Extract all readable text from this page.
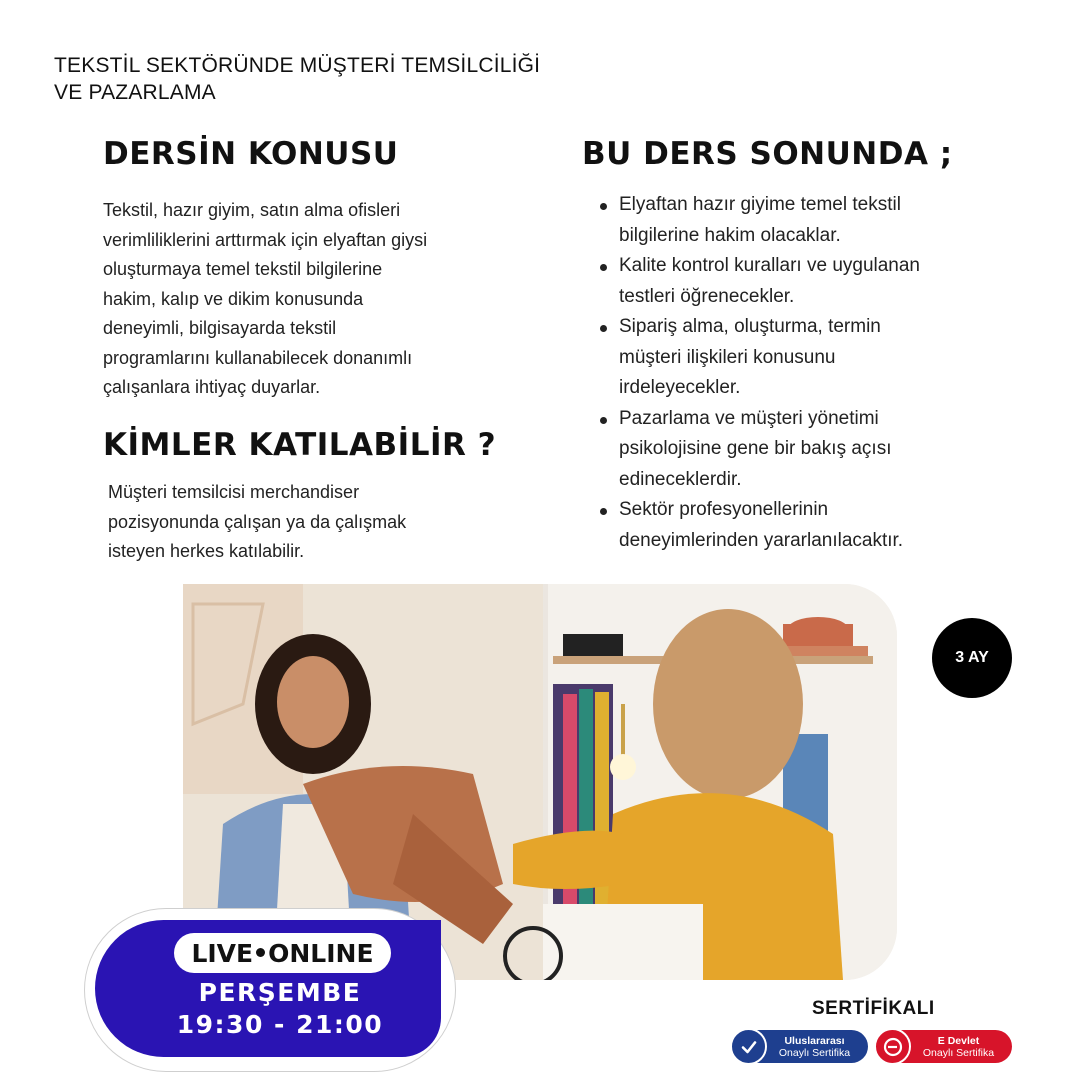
TEKSTİL SEKTÖRÜNDE MÜŞTERİ TEMSİLCİLİĞİ
VE PAZARLAMA
DERSİN KONUSU
Tekstil, hazır giyim, satın alma ofisleri
verimliliklerini arttırmak için elyaftan giysi
oluşturmaya temel tekstil bilgilerine
hakim, kalıp ve dikim konusunda
deneyimli, bilgisayarda tekstil
programlarını kullanabilecek donanımlı
çalışanlara ihtiyaç duyarlar.
KİMLER KATILABİLİR ?
Müşteri temsilcisi merchandiser
pozisyonunda çalışan ya da çalışmak
isteyen herkes katılabilir.
BU DERS SONUNDA ;
Elyaftan hazır giyime temel tekstil
bilgilerine hakim olacaklar.
Kalite kontrol kuralları ve uygulanan
testleri öğrenecekler.
Sipariş alma, oluşturma, termin
müşteri ilişkileri konusunu
irdeleyecekler.
Pazarlama ve müşteri yönetimi
psikolojisine gene bir bakış açısı
edineceklerdir.
Sektör profesyonellerinin
deneyimlerinden yararlanılacaktır.
3 AY
LIVE ONLINE
PERŞEMBE
19:30 - 21:00
SERTİFİKALI
Uluslararası
Onaylı Sertifika
E Devlet
Onaylı Sertifika
